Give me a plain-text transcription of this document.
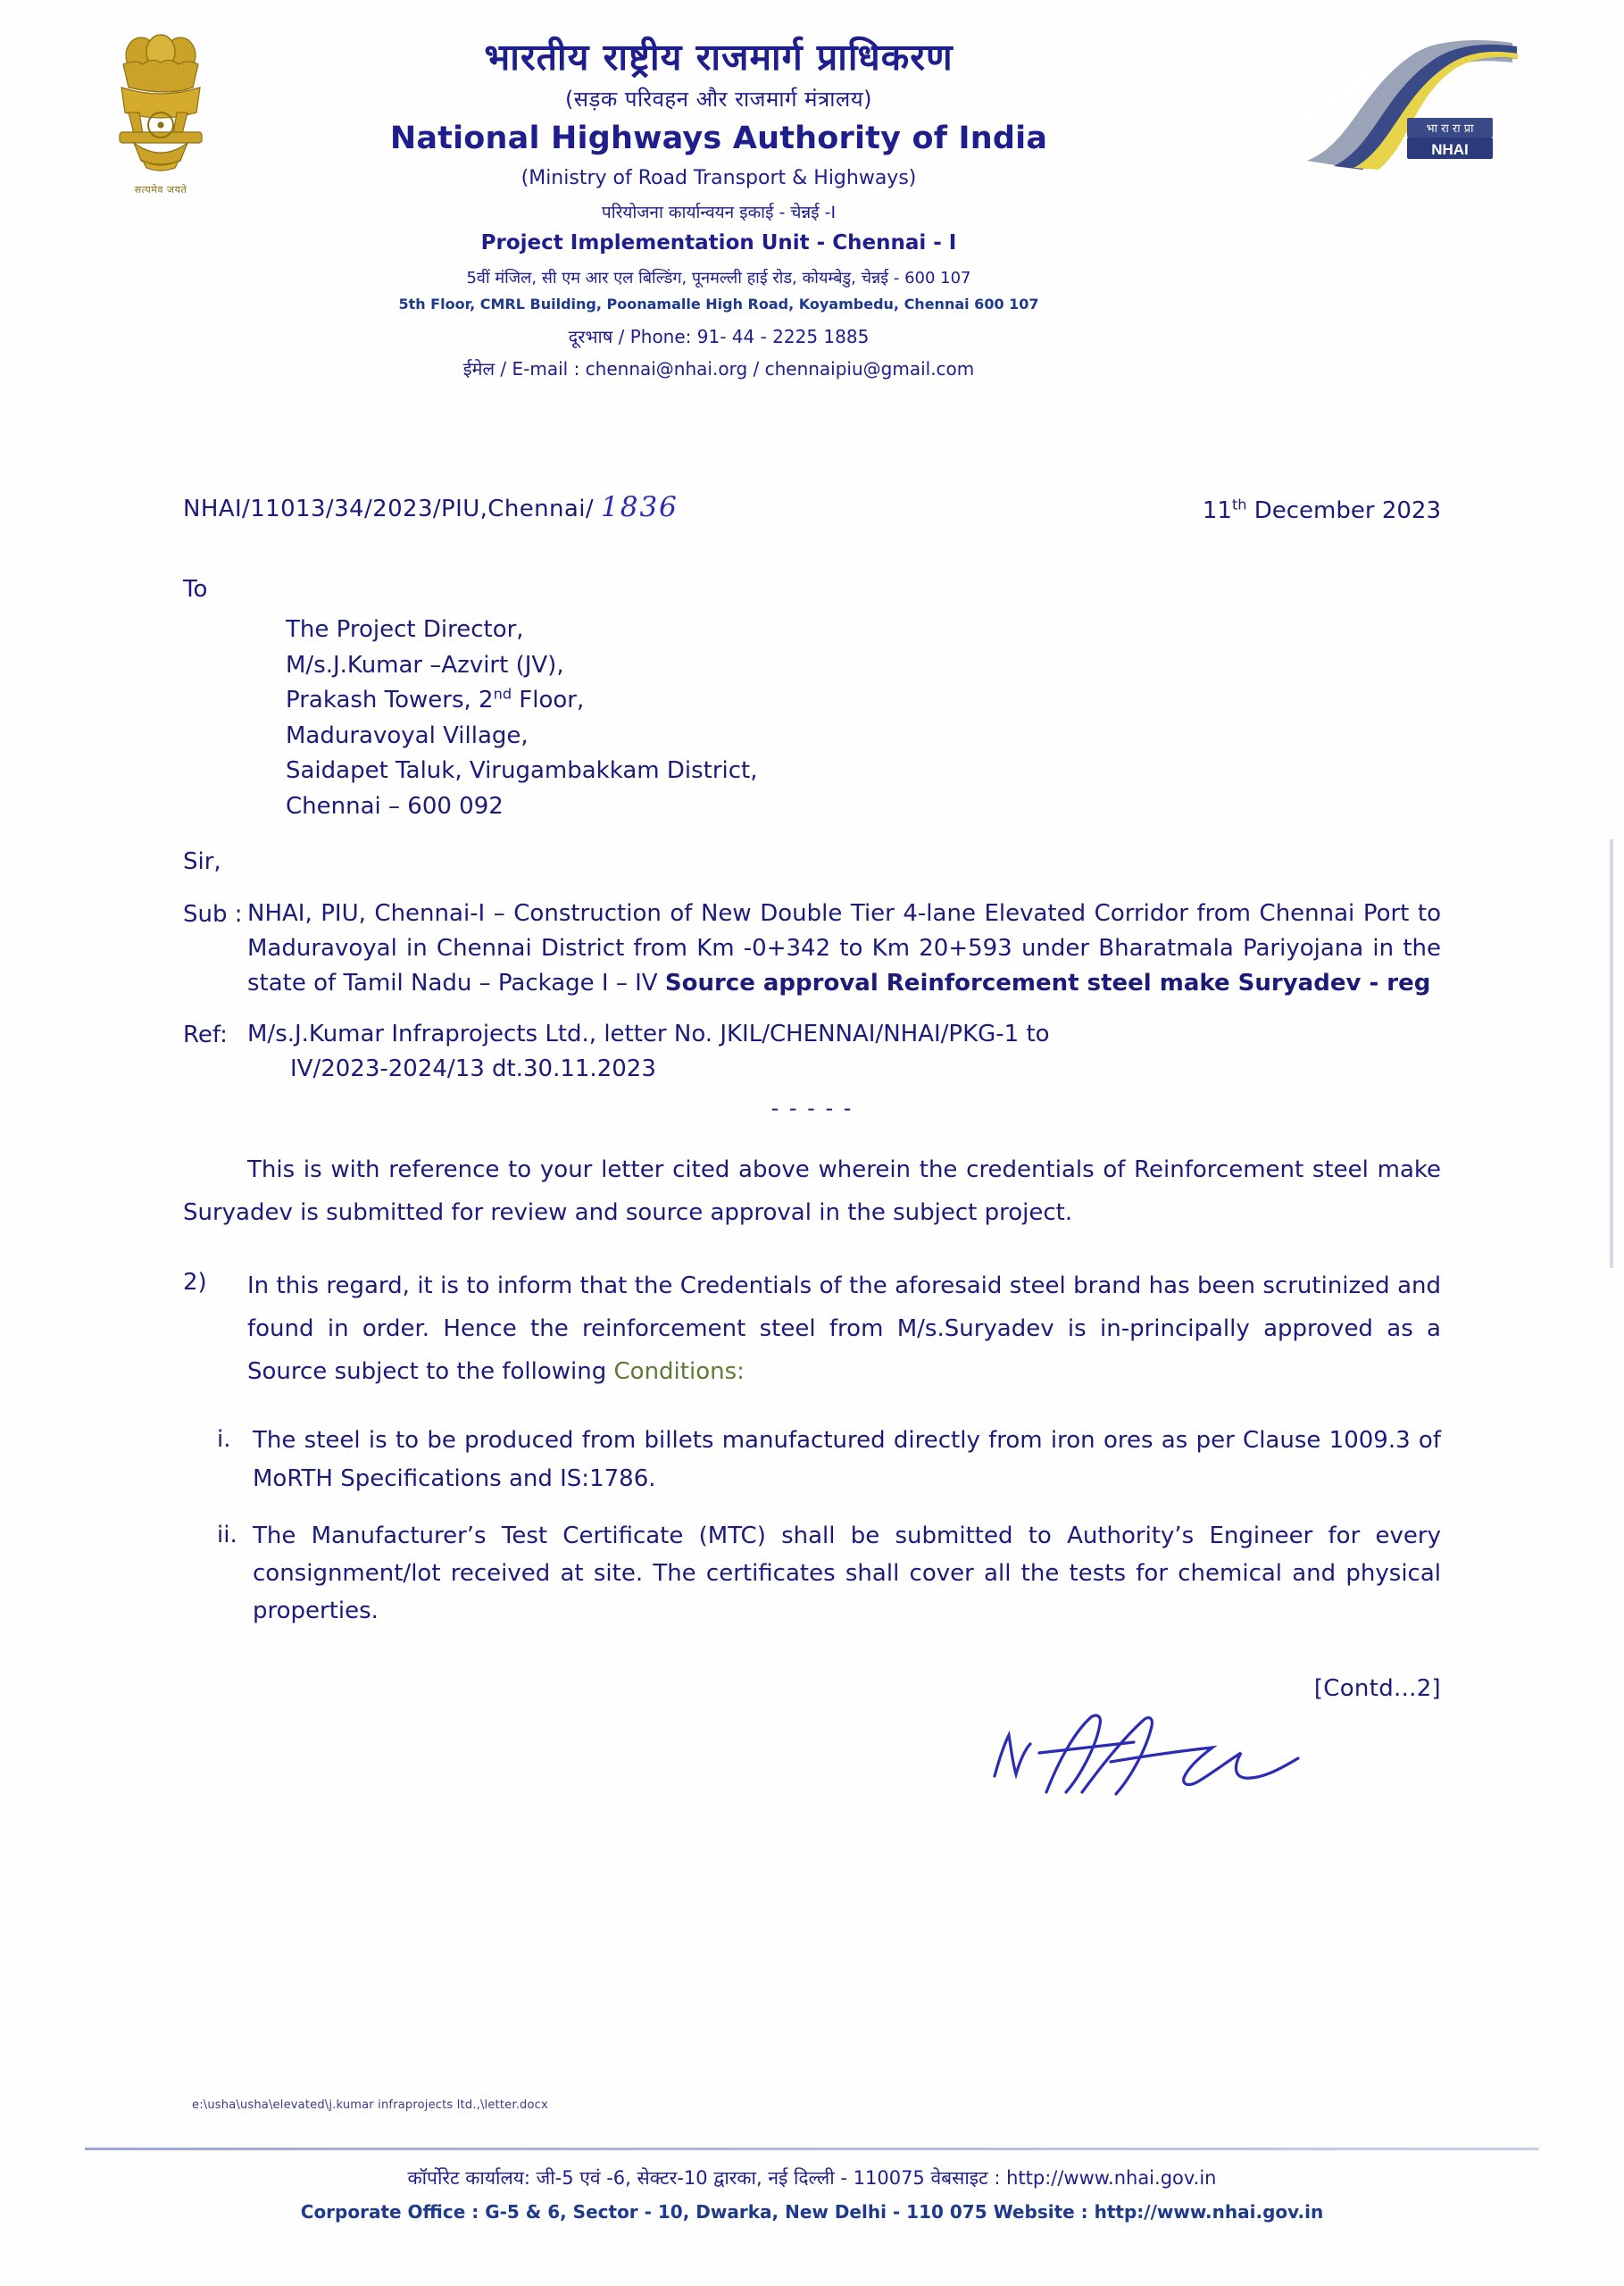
सत्यमेव जयते
भारतीय राष्ट्रीय राजमार्ग प्राधिकरण
(सड़क परिवहन और राजमार्ग मंत्रालय)
National Highways Authority of India
(Ministry of Road Transport & Highways)
परियोजना कार्यान्वयन इकाई - चेन्नई -I
Project Implementation Unit - Chennai - I
5वीं मंजिल, सी एम आर एल बिल्डिंग, पूनमल्ली हाई रोड, कोयम्बेडु, चेन्नई - 600 107
5th Floor, CMRL Building, Poonamalle High Road, Koyambedu, Chennai 600 107
दूरभाष / Phone: 91- 44 - 2225 1885
ईमेल / E-mail : chennai@nhai.org / chennaipiu@gmail.com
भा रा रा प्रा
NHAI
NHAI/11013/34/2023/PIU,Chennai/ 1836	11th December 2023
To
The Project Director,
M/s.J.Kumar –Azvirt (JV),
Prakash Towers, 2nd Floor,
Maduravoyal Village,
Saidapet Taluk, Virugambakkam District,
Chennai – 600 092
Sir,
Sub : NHAI, PIU, Chennai-I – Construction of New Double Tier 4-lane Elevated Corridor from Chennai Port to Maduravoyal in Chennai District from Km -0+342 to Km 20+593 under Bharatmala Pariyojana in the state of Tamil Nadu – Package I – IV Source approval Reinforcement steel make Suryadev - reg
Ref: M/s.J.Kumar Infraprojects Ltd., letter No. JKIL/CHENNAI/NHAI/PKG-1 to
IV/2023-2024/13 dt.30.11.2023
- - - - -

This is with reference to your letter cited above wherein the credentials of Reinforcement steel make Suryadev is submitted for review and source approval in the subject project.

2)	In this regard, it is to inform that the Credentials of the aforesaid steel brand has been scrutinized and found in order. Hence the reinforcement steel from M/s.Suryadev is in-principally approved as a Source subject to the following Conditions:
i. The steel is to be produced from billets manufactured directly from iron ores as per Clause 1009.3 of MoRTH Specifications and IS:1786.
ii. The Manufacturer’s Test Certificate (MTC) shall be submitted to Authority’s Engineer for every consignment/lot received at site. The certificates shall cover all the tests for chemical and physical properties.
[Contd...2]
e:\usha\usha\elevated\j.kumar infraprojects ltd.,\letter.docx
कॉर्पोरेट कार्यालय: जी-5 एवं -6, सेक्टर-10 द्वारका, नई दिल्ली - 110075 वेबसाइट : http://www.nhai.gov.in
Corporate Office : G-5 & 6, Sector - 10, Dwarka, New Delhi - 110 075 Website : http://www.nhai.gov.in
